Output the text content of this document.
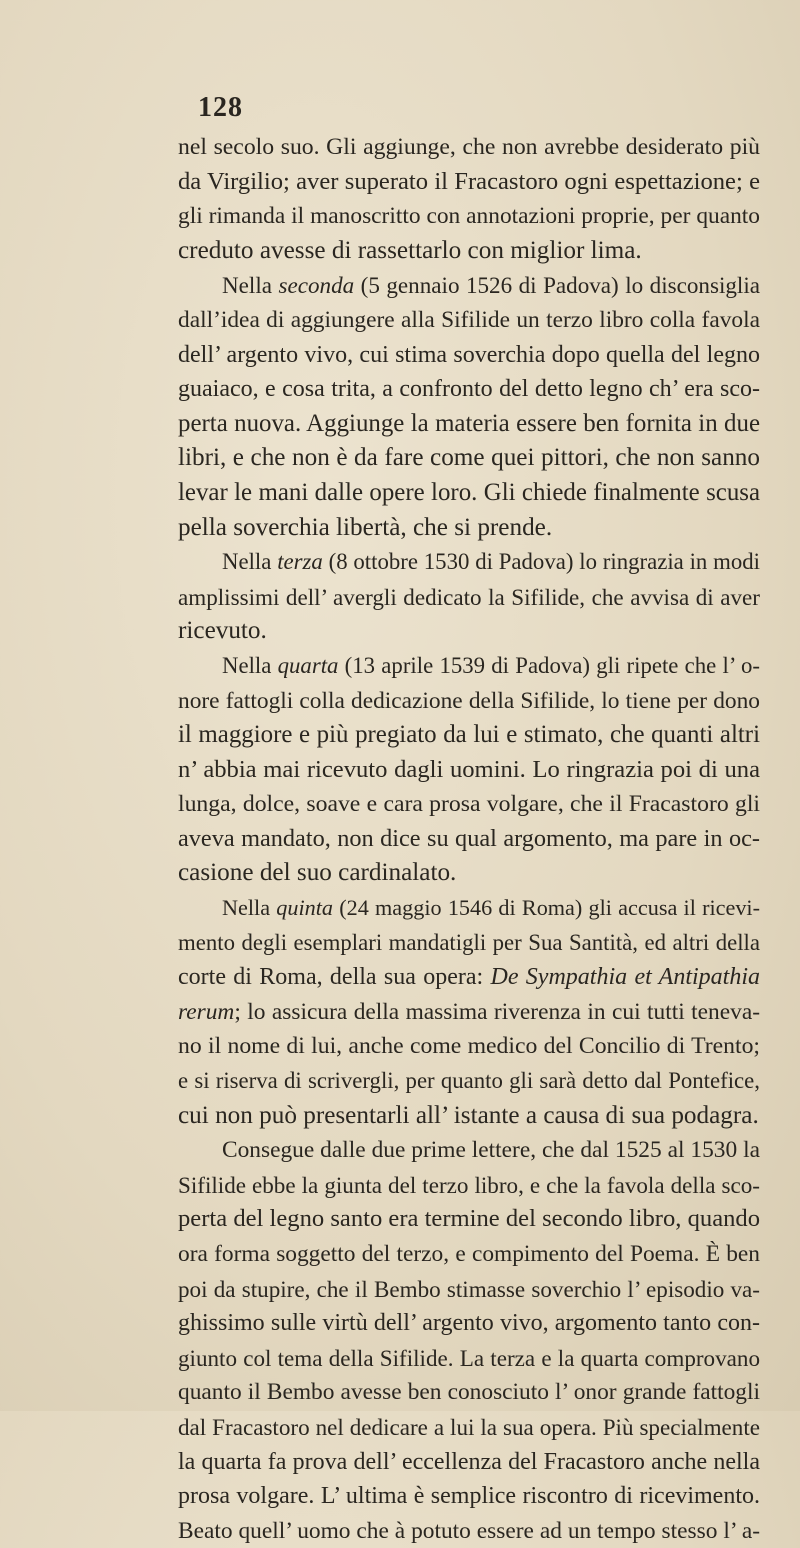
128
nel secolo suo. Gli aggiunge, che non avrebbe desiderato più
da Virgilio; aver superato il Fracastoro ogni espettazione; e
gli rimanda il manoscritto con annotazioni proprie, per quanto
creduto avesse di rassettarlo con miglior lima.
Nella seconda (5 gennaio 1526 di Padova) lo disconsiglia
dall’idea di aggiungere alla Sifilide un terzo libro colla favola
dell’ argento vivo, cui stima soverchia dopo quella del legno
guaiaco, e cosa trita, a confronto del detto legno ch’ era sco-
perta nuova. Aggiunge la materia essere ben fornita in due
libri, e che non è da fare come quei pittori, che non sanno
levar le mani dalle opere loro. Gli chiede finalmente scusa
pella soverchia libertà, che si prende.
Nella terza (8 ottobre 1530 di Padova) lo ringrazia in modi
amplissimi dell’ avergli dedicato la Sifilide, che avvisa di aver
ricevuto.
Nella quarta (13 aprile 1539 di Padova) gli ripete che l’ o-
nore fattogli colla dedicazione della Sifilide, lo tiene per dono
il maggiore e più pregiato da lui e stimato, che quanti altri
n’ abbia mai ricevuto dagli uomini. Lo ringrazia poi di una
lunga, dolce, soave e cara prosa volgare, che il Fracastoro gli
aveva mandato, non dice su qual argomento, ma pare in oc-
casione del suo cardinalato.
Nella quinta (24 maggio 1546 di Roma) gli accusa il ricevi-
mento degli esemplari mandatigli per Sua Santità, ed altri della
corte di Roma, della sua opera: De Sympathia et Antipathia
rerum; lo assicura della massima riverenza in cui tutti teneva-
no il nome di lui, anche come medico del Concilio di Trento;
e si riserva di scrivergli, per quanto gli sarà detto dal Pontefice,
cui non può presentarli all’ istante a causa di sua podagra.
Consegue dalle due prime lettere, che dal 1525 al 1530 la
Sifilide ebbe la giunta del terzo libro, e che la favola della sco-
perta del legno santo era termine del secondo libro, quando
ora forma soggetto del terzo, e compimento del Poema. È ben
poi da stupire, che il Bembo stimasse soverchio l’ episodio va-
ghissimo sulle virtù dell’ argento vivo, argomento tanto con-
giunto col tema della Sifilide. La terza e la quarta comprovano
quanto il Bembo avesse ben conosciuto l’ onor grande fattogli
dal Fracastoro nel dedicare a lui la sua opera. Più specialmente
la quarta fa prova dell’ eccellenza del Fracastoro anche nella
prosa volgare. L’ ultima è semplice riscontro di ricevimento.
Beato quell’ uomo che à potuto essere ad un tempo stesso l’ a-
